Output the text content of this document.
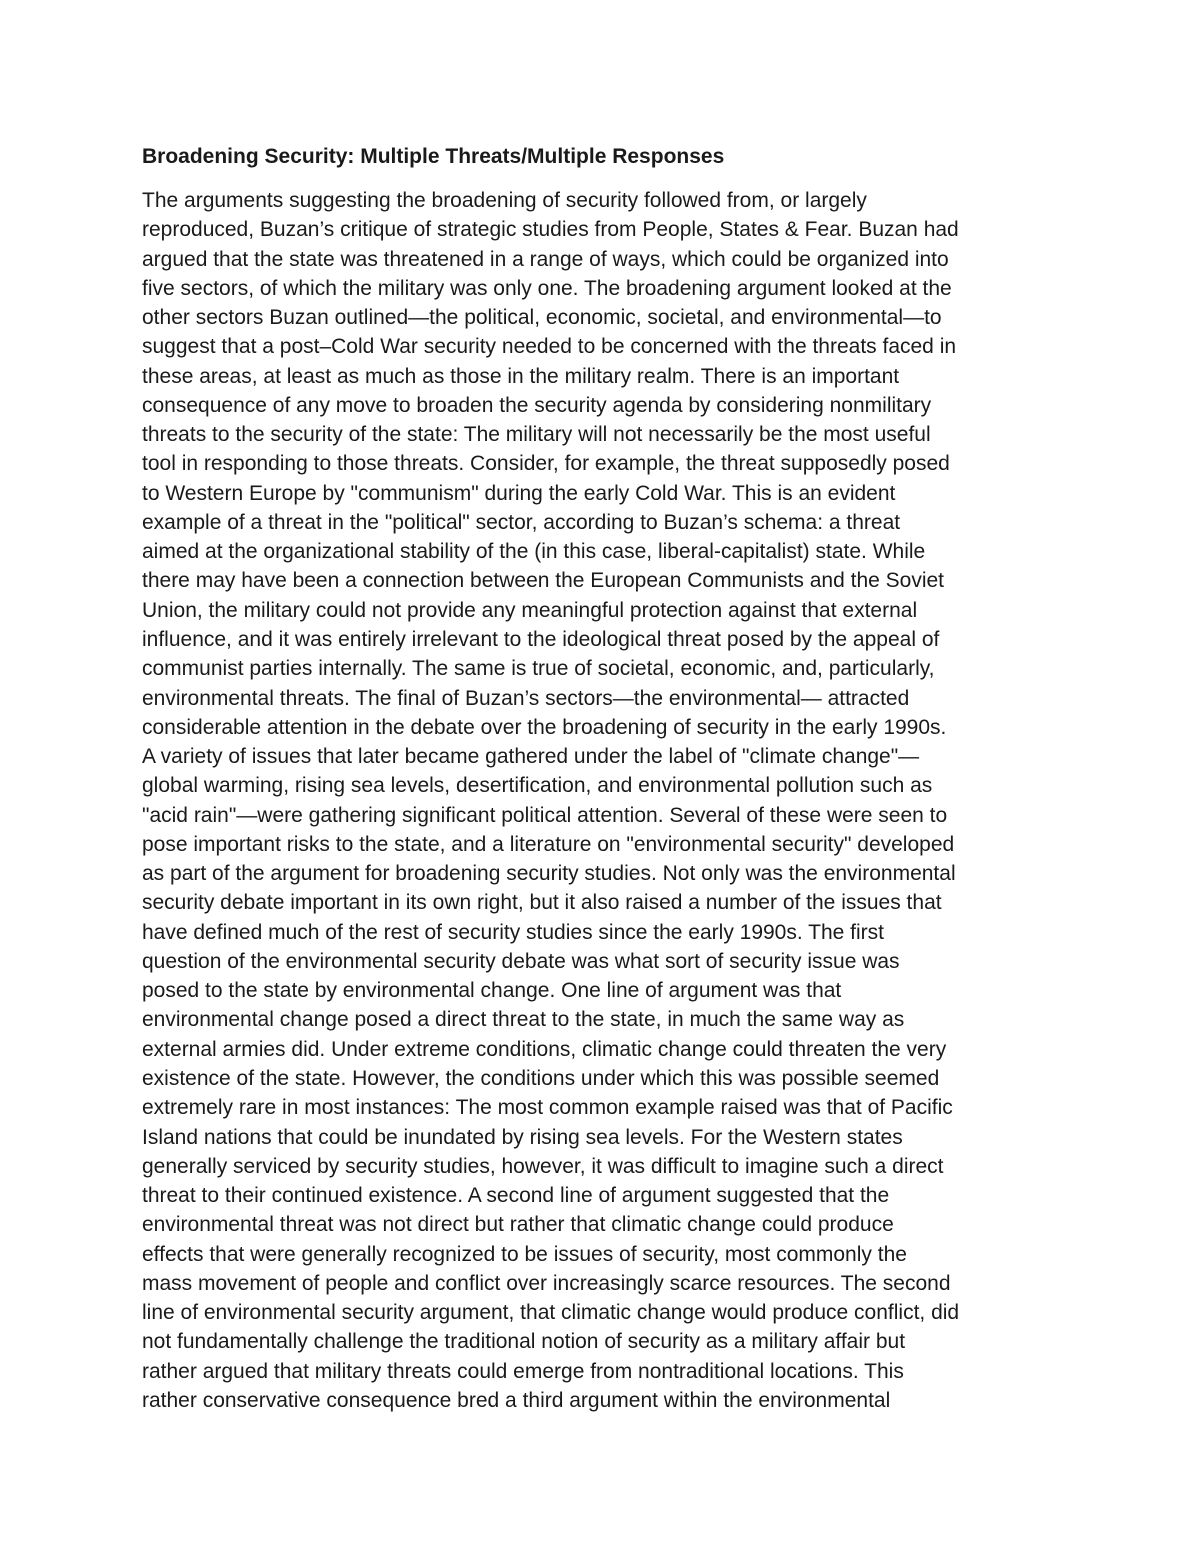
Broadening Security: Multiple Threats/Multiple Responses
The arguments suggesting the broadening of security followed from, or largely
reproduced, Buzan’s critique of strategic studies from People, States & Fear. Buzan had
argued that the state was threatened in a range of ways, which could be organized into
five sectors, of which the military was only one. The broadening argument looked at the
other sectors Buzan outlined—the political, economic, societal, and environmental—to
suggest that a post–Cold War security needed to be concerned with the threats faced in
these areas, at least as much as those in the military realm. There is an important
consequence of any move to broaden the security agenda by considering nonmilitary
threats to the security of the state: The military will not necessarily be the most useful
tool in responding to those threats. Consider, for example, the threat supposedly posed
to Western Europe by "communism" during the early Cold War. This is an evident
example of a threat in the "political" sector, according to Buzan’s schema: a threat
aimed at the organizational stability of the (in this case, liberal-capitalist) state. While
there may have been a connection between the European Communists and the Soviet
Union, the military could not provide any meaningful protection against that external
influence, and it was entirely irrelevant to the ideological threat posed by the appeal of
communist parties internally. The same is true of societal, economic, and, particularly,
environmental threats. The final of Buzan’s sectors—the environmental— attracted
considerable attention in the debate over the broadening of security in the early 1990s.
A variety of issues that later became gathered under the label of "climate change"—
global warming, rising sea levels, desertification, and environmental pollution such as
"acid rain"—were gathering significant political attention. Several of these were seen to
pose important risks to the state, and a literature on "environmental security" developed
as part of the argument for broadening security studies. Not only was the environmental
security debate important in its own right, but it also raised a number of the issues that
have defined much of the rest of security studies since the early 1990s. The first
question of the environmental security debate was what sort of security issue was
posed to the state by environmental change. One line of argument was that
environmental change posed a direct threat to the state, in much the same way as
external armies did. Under extreme conditions, climatic change could threaten the very
existence of the state. However, the conditions under which this was possible seemed
extremely rare in most instances: The most common example raised was that of Pacific
Island nations that could be inundated by rising sea levels. For the Western states
generally serviced by security studies, however, it was difficult to imagine such a direct
threat to their continued existence. A second line of argument suggested that the
environmental threat was not direct but rather that climatic change could produce
effects that were generally recognized to be issues of security, most commonly the
mass movement of people and conflict over increasingly scarce resources. The second
line of environmental security argument, that climatic change would produce conflict, did
not fundamentally challenge the traditional notion of security as a military affair but
rather argued that military threats could emerge from nontraditional locations. This
rather conservative consequence bred a third argument within the environmental
